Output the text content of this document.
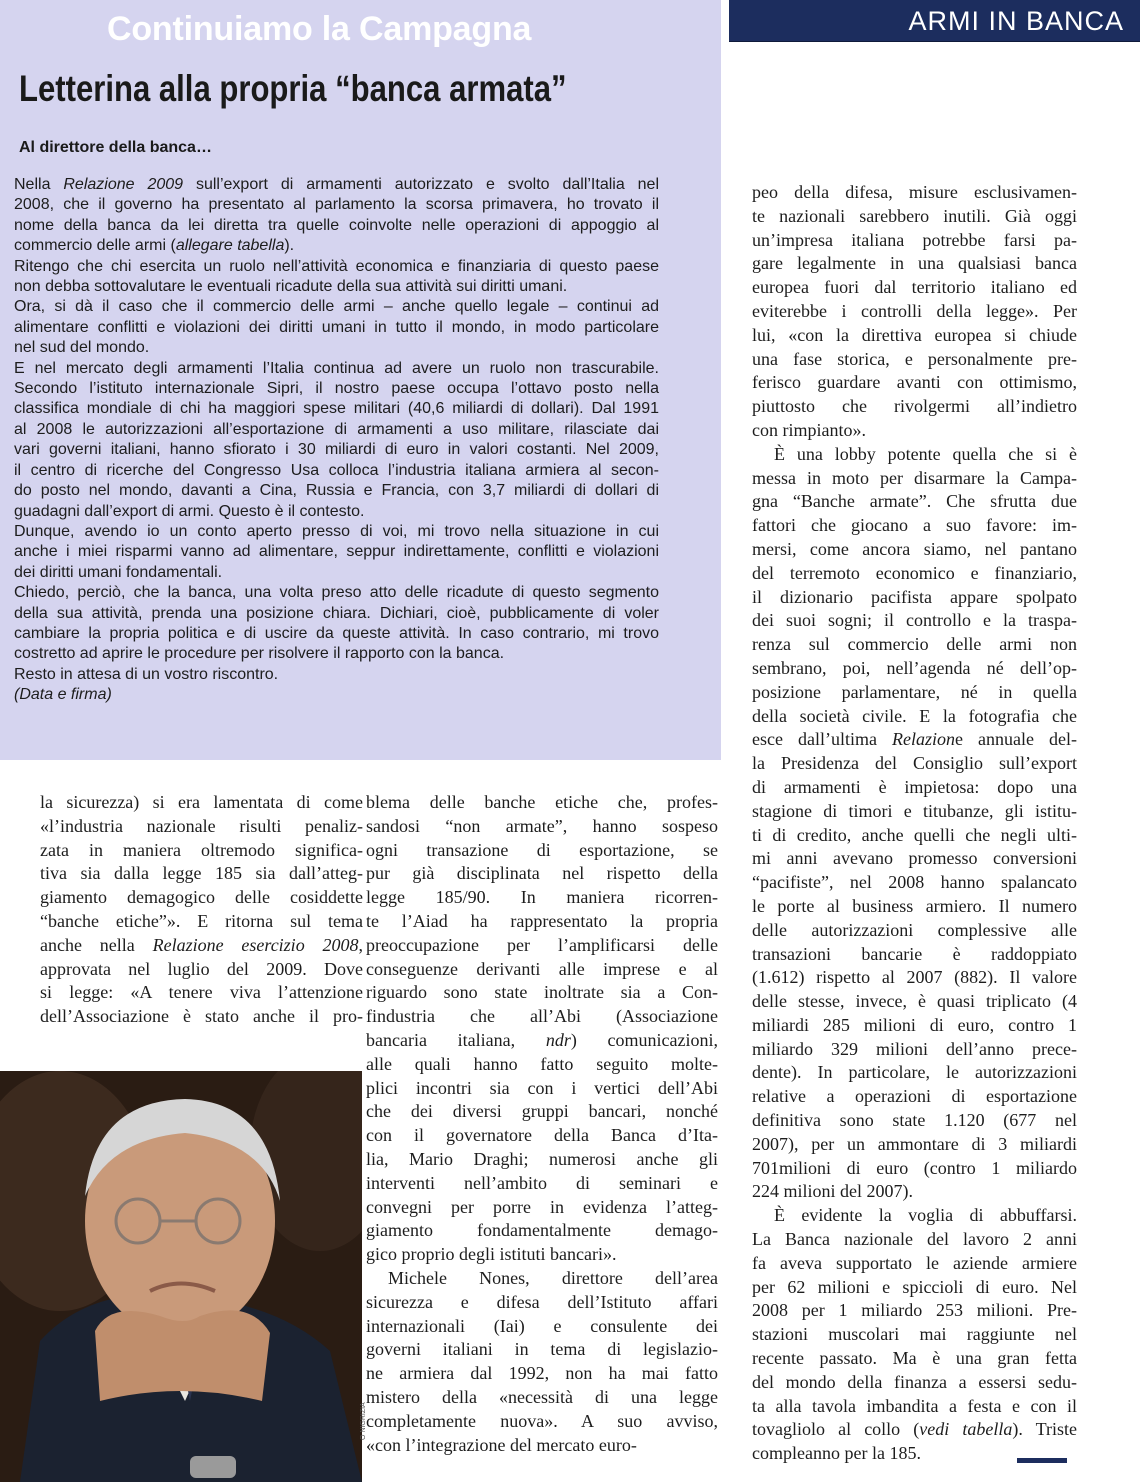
Continuiamo la Campagna
Letterina alla propria “banca armata”

Al direttore della banca…

Nella Relazione 2009 sull’export di armamenti autorizzato e svolto dall’Italia nel
2008, che il governo ha presentato al parlamento la scorsa primavera, ho trovato il
nome della banca da lei diretta tra quelle coinvolte nelle operazioni di appoggio al
commercio delle armi (allegare tabella).
Ritengo che chi esercita un ruolo nell’attività economica e finanziaria di questo paese
non debba sottovalutare le eventuali ricadute della sua attività sui diritti umani.
Ora, si dà il caso che il commercio delle armi – anche quello legale – continui ad
alimentare conflitti e violazioni dei diritti umani in tutto il mondo, in modo particolare
nel sud del mondo.
E nel mercato degli armamenti l’Italia continua ad avere un ruolo non trascurabile.
Secondo l’istituto internazionale Sipri, il nostro paese occupa l’ottavo posto nella
classifica mondiale di chi ha maggiori spese militari (40,6 miliardi di dollari). Dal 1991
al 2008 le autorizzazioni all’esportazione di armamenti a uso militare, rilasciate dai
vari governi italiani, hanno sfiorato i 30 miliardi di euro in valori costanti. Nel 2009,
il centro di ricerche del Congresso Usa colloca l’industria italiana armiera al secon-
do posto nel mondo, davanti a Cina, Russia e Francia, con 3,7 miliardi di dollari di
guadagni dall’export di armi. Questo è il contesto.
Dunque, avendo io un conto aperto presso di voi, mi trovo nella situazione in cui
anche i miei risparmi vanno ad alimentare, seppur indirettamente, conflitti e violazioni
dei diritti umani fondamentali.
Chiedo, perciò, che la banca, una volta preso atto delle ricadute di questo segmento
della sua attività, prenda una posizione chiara. Dichiari, cioè, pubblicamente di voler
cambiare la propria politica e di uscire da queste attività. In caso contrario, mi trovo
costretto ad aprire le procedure per risolvere il rapporto con la banca.
Resto in attesa di un vostro riscontro.
(Data e firma)

ARMI IN BANCA

la sicurezza) si era lamentata di come
«l’industria nazionale risulti penaliz-
zata in maniera oltremodo significa-
tiva sia dalla legge 185 sia dall’atteg-
giamento demagogico delle cosiddette
“banche etiche”». E ritorna sul tema
anche nella Relazione esercizio 2008,
approvata nel luglio del 2009. Dove
si legge: «A tenere viva l’attenzione
dell’Associazione è stato anche il pro-
blema delle banche etiche che, profes-
sandosi “non armate”, hanno sospeso
ogni transazione di esportazione, se
pur già disciplinata nel rispetto della
legge 185/90. In maniera ricorren-
te l’Aiad ha rappresentato la propria
preoccupazione per l’amplificarsi delle
conseguenze derivanti alle imprese e al
riguardo sono state inoltrate sia a Con-
findustria che all’Abi (Associazione
bancaria italiana, ndr) comunicazioni,
alle quali hanno fatto seguito molte-
plici incontri sia con i vertici dell’Abi
che dei diversi gruppi bancari, nonché
con il governatore della Banca d’Ita-
lia, Mario Draghi; numerosi anche gli
interventi nell’ambito di seminari e
convegni per porre in evidenza l’atteg-
giamento fondamentalmente demago-
gico proprio degli istituti bancari».
Michele Nones, direttore dell’area
sicurezza e difesa dell’Istituto affari
internazionali (Iai) e consulente dei
governi italiani in tema di legislazio-
ne armiera dal 1992, non ha mai fatto
mistero della «necessità di una legge
completamente nuova». A suo avviso,
«con l’integrazione del mercato euro-
peo della difesa, misure esclusivamen-
te nazionali sarebbero inutili. Già oggi
un’impresa italiana potrebbe farsi pa-
gare legalmente in una qualsiasi banca
europea fuori dal territorio italiano ed
eviterebbe i controlli della legge». Per
lui, «con la direttiva europea si chiude
una fase storica, e personalmente pre-
ferisco guardare avanti con ottimismo,
piuttosto che rivolgermi all’indietro
con rimpianto».
È una lobby potente quella che si è
messa in moto per disarmare la Campa-
gna “Banche armate”. Che sfrutta due
fattori che giocano a suo favore: im-
mersi, come ancora siamo, nel pantano
del terremoto economico e finanziario,
il dizionario pacifista appare spolpato
dei suoi sogni; il controllo e la traspa-
renza sul commercio delle armi non
sembrano, poi, nell’agenda né dell’op-
posizione parlamentare, né in quella
della società civile. E la fotografia che
esce dall’ultima Relazione annuale del-
la Presidenza del Consiglio sull’export
di armamenti è impietosa: dopo una
stagione di timori e titubanze, gli istitu-
ti di credito, anche quelli che negli ulti-
mi anni avevano promesso conversioni
“pacifiste”, nel 2008 hanno spalancato
le porte al business armiero. Il numero
delle autorizzazioni complessive alle
transazioni bancarie è raddoppiato
(1.612) rispetto al 2007 (882). Il valore
delle stesse, invece, è quasi triplicato (4
miliardi 285 milioni di euro, contro 1
miliardo 329 milioni dell’anno prece-
dente). In particolare, le autorizzazioni
relative a operazioni di esportazione
definitiva sono state 1.120 (677 nel
2007), per un ammontare di 3 miliardi
701milioni di euro (contro 1 miliardo
224 milioni del 2007).
È evidente la voglia di abbuffarsi.
La Banca nazionale del lavoro 2 anni
fa aveva supportato le aziende armiere
per 62 milioni e spiccioli di euro. Nel
2008 per 1 miliardo 253 milioni. Pre-
stazioni muscolari mai raggiunte nel
recente passato. Ma è una gran fetta
del mondo della finanza a essersi sedu-
ta alla tavola imbandita a festa e con il
tovagliolo al collo (vedi tabella). Triste
compleanno per la 185.
O NIGRIZIA
